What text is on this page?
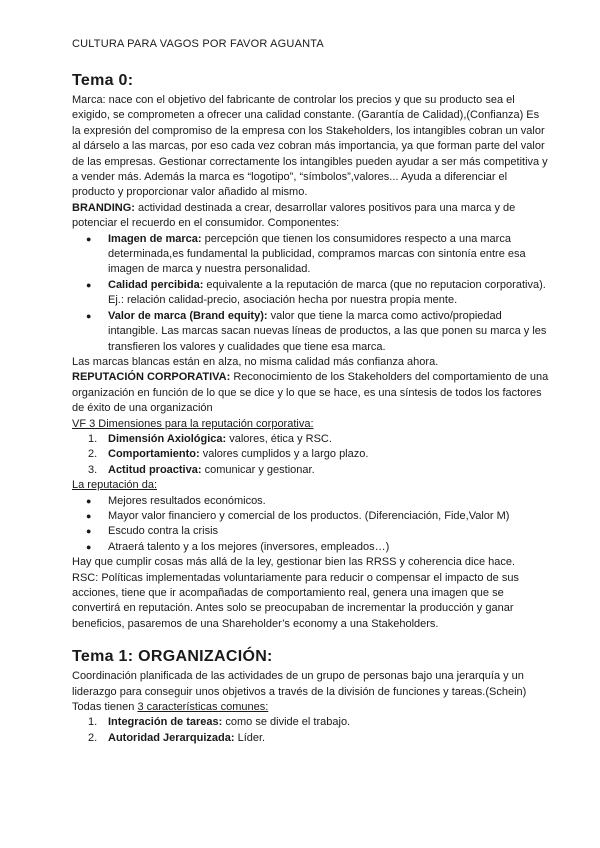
CULTURA PARA VAGOS POR FAVOR AGUANTA
Tema 0:

Marca: nace con el objetivo del fabricante de controlar los precios y que su producto sea el exigido, se comprometen a ofrecer una calidad constante. (Garantía de Calidad),(Confianza) Es la expresión del compromiso de la empresa con los Stakeholders, los intangibles cobran un valor al dárselo a las marcas, por eso cada vez cobran más importancia, ya que forman parte del valor de las empresas. Gestionar correctamente los intangibles pueden ayudar a ser más competitiva y a vender más. Además la marca es “logotipo”, “símbolos”,valores... Ayuda a diferenciar el producto y proporcionar valor añadido al mismo.

BRANDING: actividad destinada a crear, desarrollar valores positivos para una marca y de potenciar el recuerdo en el consumidor. Componentes:

● Imagen de marca: percepción que tienen los consumidores respecto a una marca determinada,es fundamental la publicidad, compramos marcas con sintonía entre esa imagen de marca y nuestra personalidad.
● Calidad percibida: equivalente a la reputación de marca (que no reputacion corporativa). Ej.: relación calidad-precio, asociación hecha por nuestra propia mente.
● Valor de marca (Brand equity): valor que tiene la marca como activo/propiedad intangible. Las marcas sacan nuevas líneas de productos, a las que ponen su marca y les transfieren los valores y cualidades que tiene esa marca.

Las marcas blancas están en alza, no misma calidad más confianza ahora.

REPUTACIÓN CORPORATIVA: Reconocimiento de los Stakeholders del comportamiento de una organización en función de lo que se dice y lo que se hace, es una síntesis de todos los factores de éxito de una organización

VF 3 Dimensiones para la reputación corporativa:

1. Dimensión Axiológica: valores, ética y RSC.
2. Comportamiento: valores cumplidos y a largo plazo.
3. Actitud proactiva: comunicar y gestionar.

La reputación da:

● Mejores resultados económicos.
● Mayor valor financiero y comercial de los productos. (Diferenciación, Fide,Valor M)
● Escudo contra la crisis
● Atraerá talento y a los mejores (inversores, empleados…)

Hay que cumplir cosas más allá de la ley, gestionar bien las RRSS y coherencia dice hace.

RSC: Políticas implementadas voluntariamente para reducir o compensar el impacto de sus acciones, tiene que ir acompañadas de comportamiento real, genera una imagen que se convertirá en reputación. Antes solo se preocupaban de incrementar la producción y ganar beneficios, pasaremos de una Shareholder’s economy a una Stakeholders.

Tema 1: ORGANIZACIÓN:

Coordinación planificada de las actividades de un grupo de personas bajo una jerarquía y un

liderazgo para conseguir unos objetivos a través de la división de funciones y tareas.(Schein)

Todas tienen 3 características comunes:

1. Integración de tareas: como se divide el trabajo.
2. Autoridad Jerarquizada: Líder.
